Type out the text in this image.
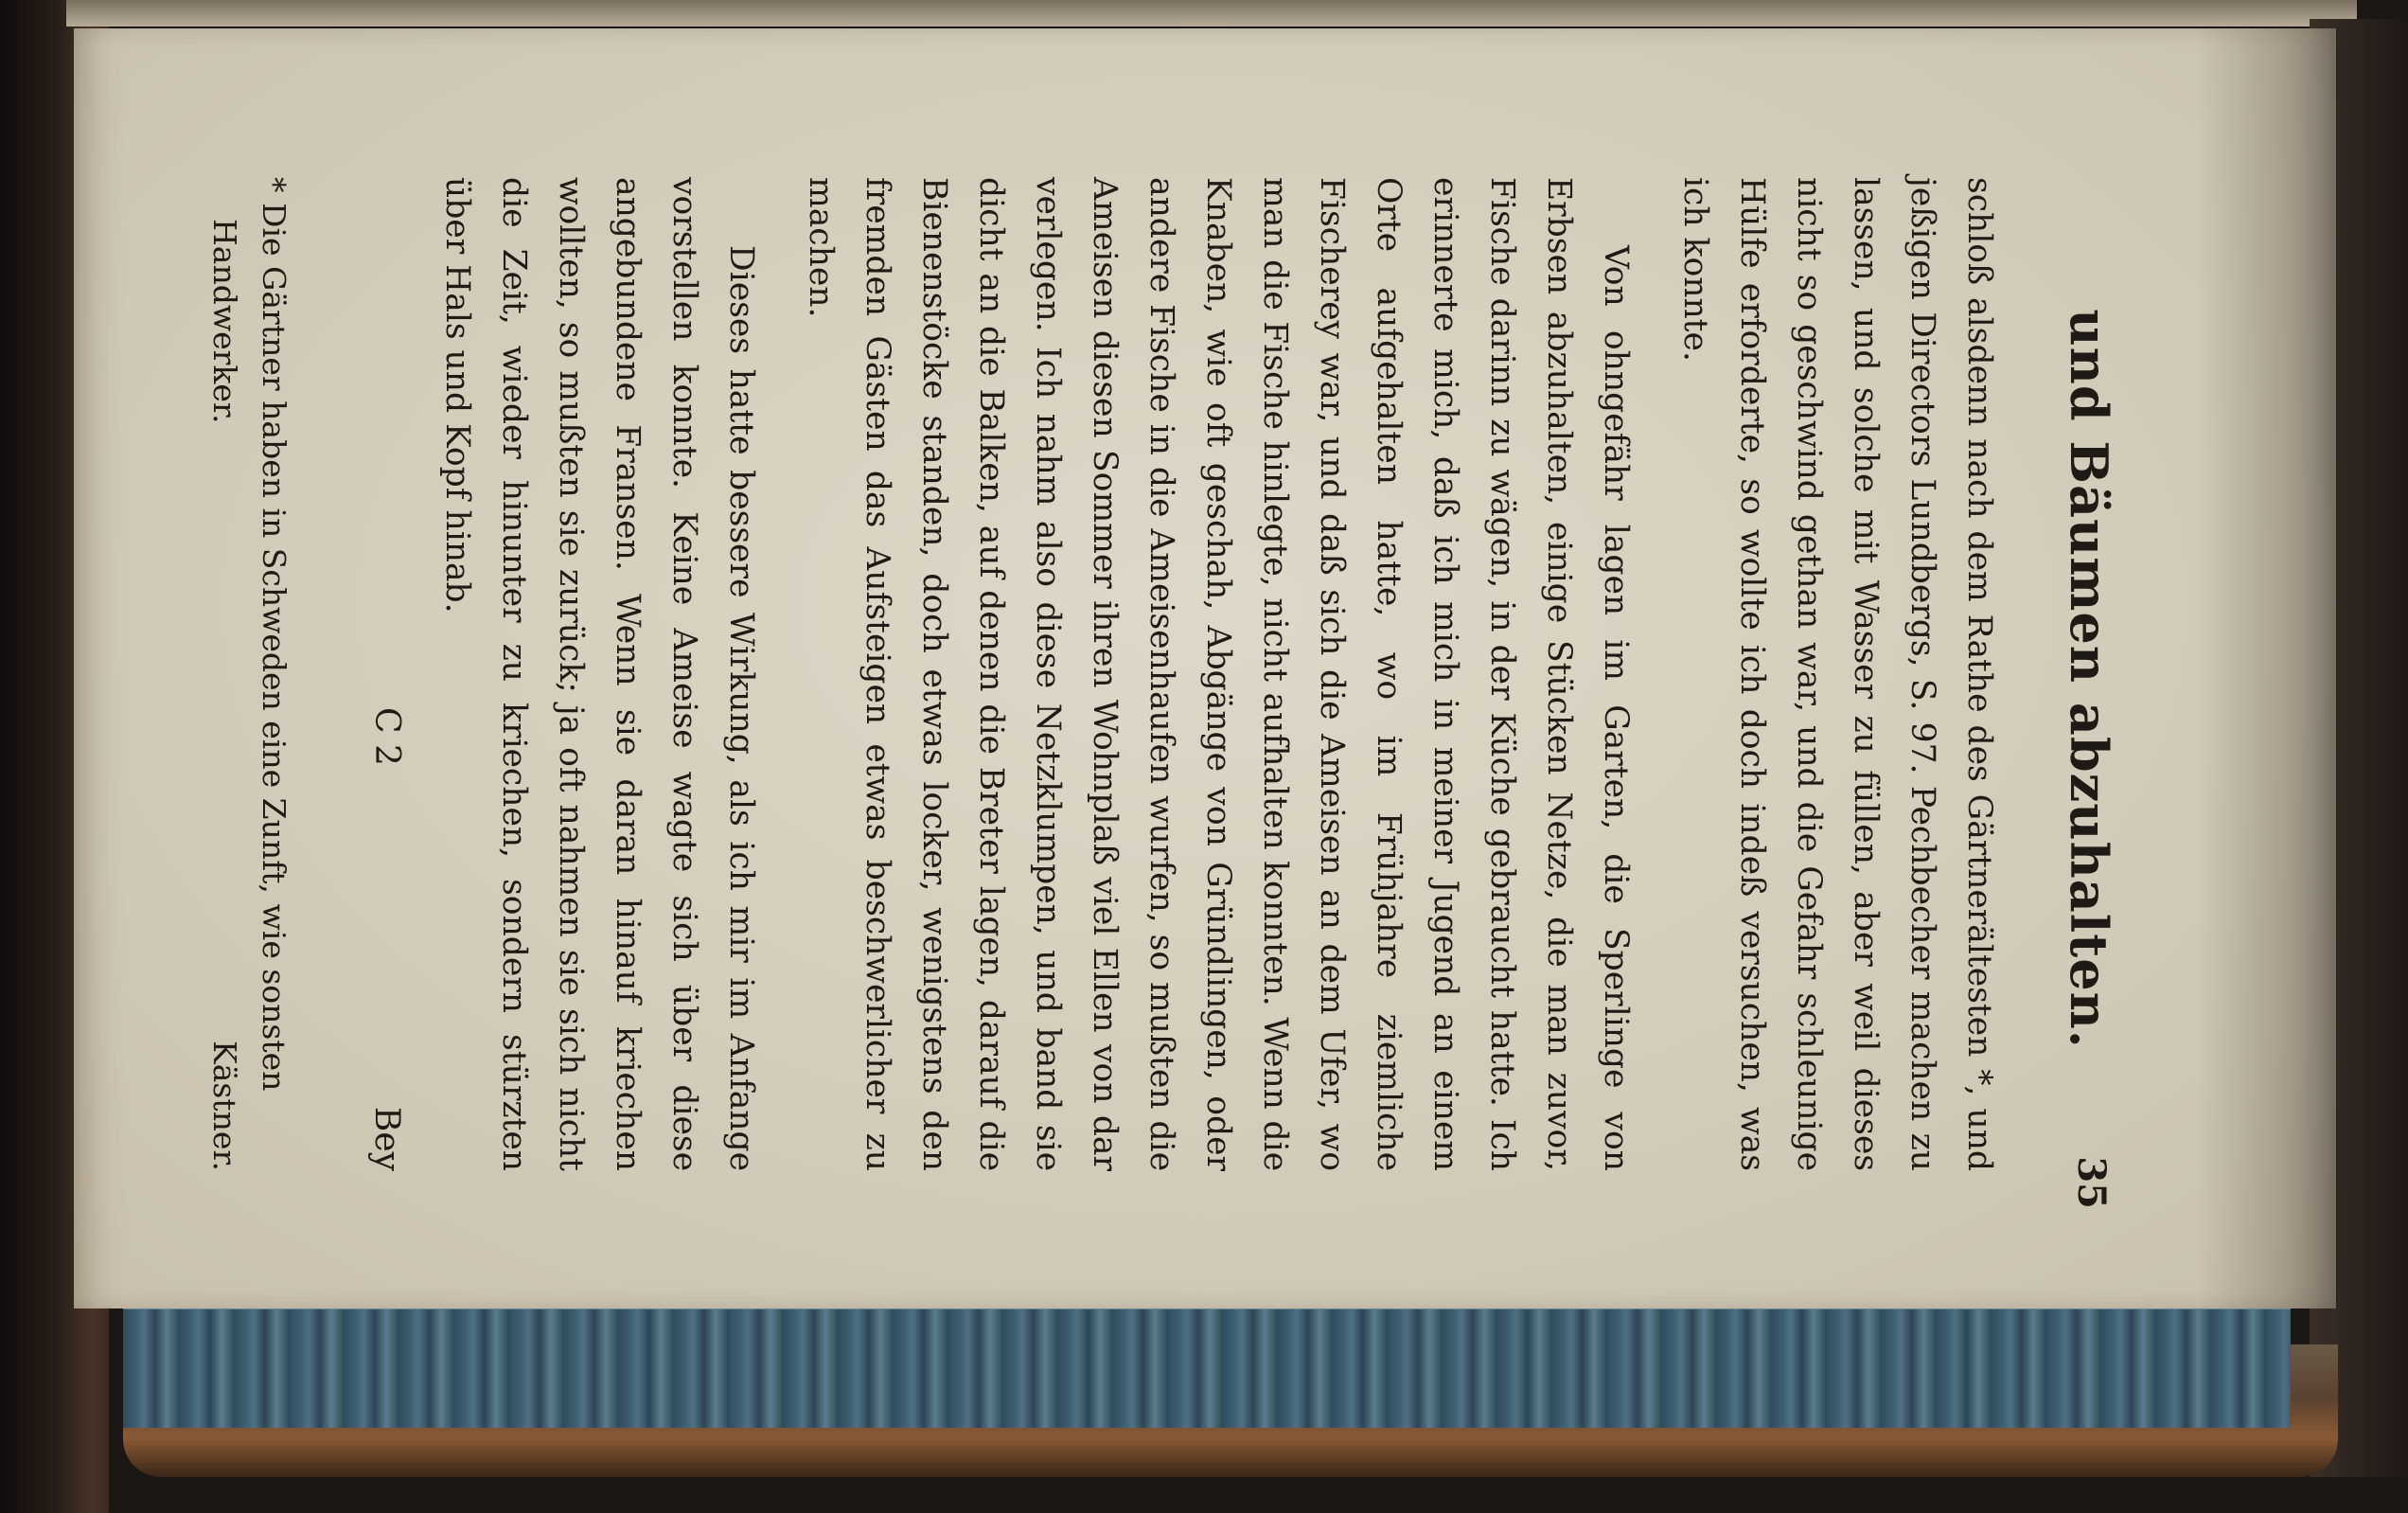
und Bäumen abzuhalten.
35

schloß alsdenn nach dem Rathe des Gärtnerältesten *, und jeßigen Directors Lundbergs, S. 97. Pechbecher machen zu lassen, und solche mit Wasser zu füllen, aber weil dieses nicht so geschwind gethan war, und die Gefahr schleunige Hülfe erforderte, so wollte ich doch indeß versuchen, was ich konnte.

Von ohngefähr lagen im Garten, die Sperlinge von Erbsen abzuhalten, einige Stücken Netze, die man zuvor, Fische darinn zu wägen, in der Küche gebraucht hatte. Ich erinnerte mich, daß ich mich in meiner Jugend an einem Orte aufgehalten hatte, wo im Frühjahre ziemliche Fischerey war, und daß sich die Ameisen an dem Ufer, wo man die Fische hinlegte, nicht aufhalten konnten. Wenn die Knaben, wie oft geschah, Abgänge von Gründlingen, oder andere Fische in die Ameisenhaufen wurfen, so mußten die Ameisen diesen Sommer ihren Wohnplaß viel Ellen von dar verlegen. Ich nahm also diese Netzklumpen, und band sie dicht an die Balken, auf denen die Breter lagen, darauf die Bienenstöcke standen, doch etwas locker, wenigstens den fremden Gästen das Aufsteigen etwas beschwerlicher zu machen.

Dieses hatte bessere Wirkung, als ich mir im Anfange vorstellen konnte. Keine Ameise wagte sich über diese angebundene Fransen. Wenn sie daran hinauf kriechen wollten, so mußten sie zurück; ja oft nahmen sie sich nicht die Zeit, wieder hinunter zu kriechen, sondern stürzten über Hals und Kopf hinab.

C 2
Bey
* Die Gärtner haben in Schweden eine Zunft, wie sonsten Handwerker.
Kästner.
